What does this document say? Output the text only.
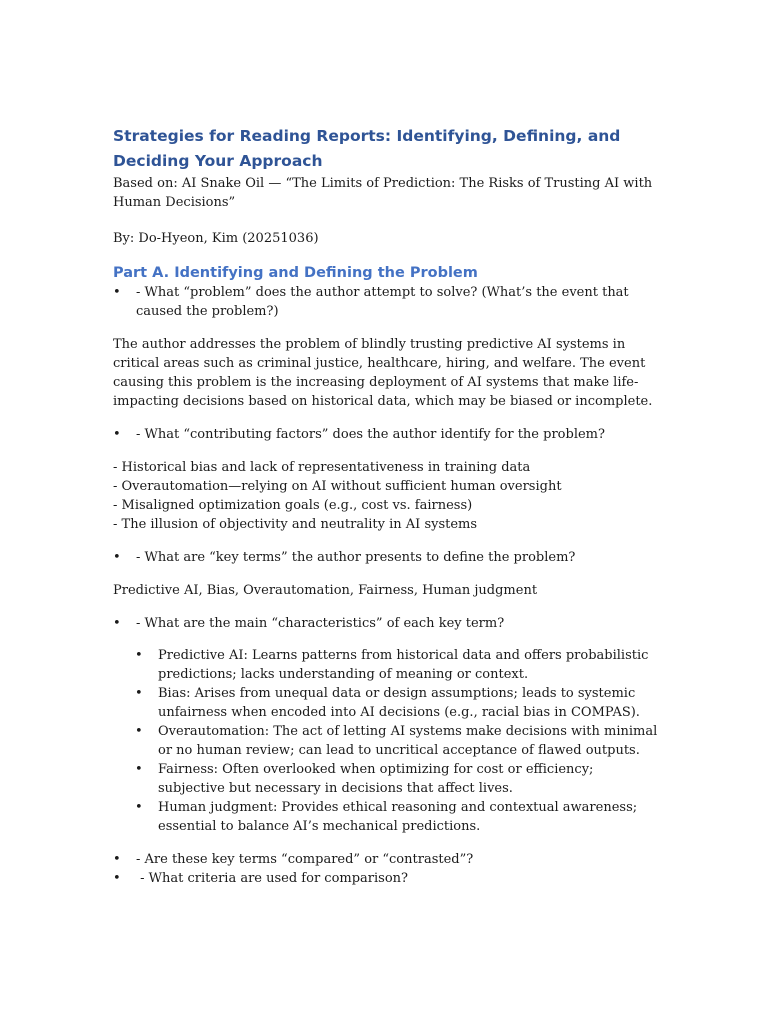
Strategies for Reading Reports: Identifying, Defining, and Deciding Your Approach

Based on: AI Snake Oil — “The Limits of Prediction: The Risks of Trusting AI with Human Decisions”

By: Do-Hyeon, Kim (20251036)

Part A. Identifying and Defining the Problem
• - What “problem” does the author attempt to solve? (What’s the event that caused the problem?)

The author addresses the problem of blindly trusting predictive AI systems in critical areas such as criminal justice, healthcare, hiring, and welfare. The event causing this problem is the increasing deployment of AI systems that make life-impacting decisions based on historical data, which may be biased or incomplete.

• - What “contributing factors” does the author identify for the problem?

- Historical bias and lack of representativeness in training data

- Overautomation—relying on AI without sufficient human oversight

- Misaligned optimization goals (e.g., cost vs. fairness)

- The illusion of objectivity and neutrality in AI systems

• - What are “key terms” the author presents to define the problem?

Predictive AI, Bias, Overautomation, Fairness, Human judgment

• - What are the main “characteristics” of each key term?
• Predictive AI: Learns patterns from historical data and offers probabilistic predictions; lacks understanding of meaning or context.
• Bias: Arises from unequal data or design assumptions; leads to systemic unfairness when encoded into AI decisions (e.g., racial bias in COMPAS).
• Overautomation: The act of letting AI systems make decisions with minimal or no human review; can lead to uncritical acceptance of flawed outputs.
• Fairness: Often overlooked when optimizing for cost or efficiency; subjective but necessary in decisions that affect lives.
• Human judgment: Provides ethical reasoning and contextual awareness; essential to balance AI’s mechanical predictions.
• - Are these key terms “compared” or “contrasted”?
• - What criteria are used for comparison?
